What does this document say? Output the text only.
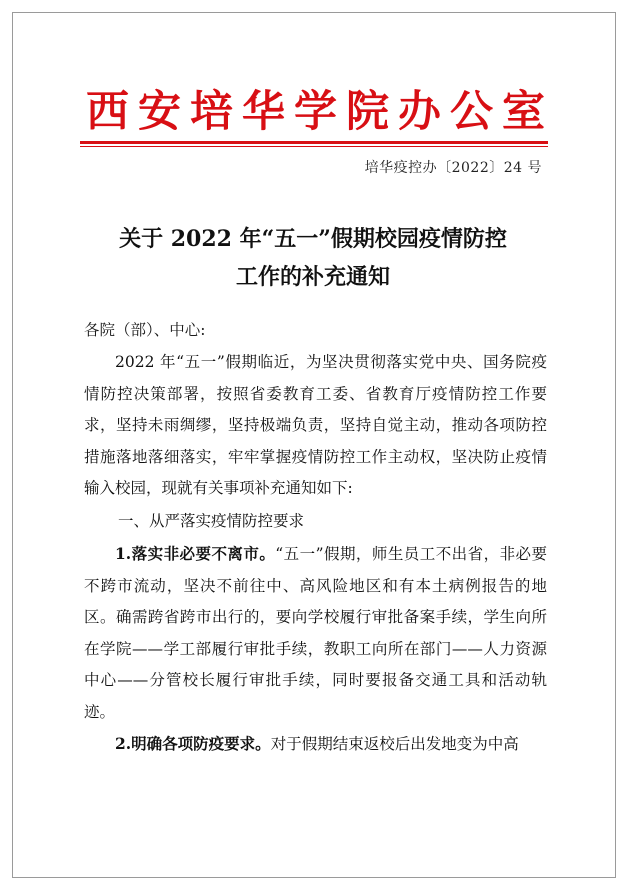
西安培华学院办公室
培华疫控办〔2022〕24 号
关于 2022 年“五一”假期校园疫情防控
工作的补充通知
各院（部）、中心:
2022 年“五一”假期临近，为坚决贯彻落实党中央、国务院疫情防控决策部署，按照省委教育工委、省教育厅疫情防控工作要求，坚持未雨绸缪，坚持极端负责，坚持自觉主动，推动各项防控措施落地落细落实，牢牢掌握疫情防控工作主动权，坚决防止疫情输入校园，现就有关事项补充通知如下:
一、从严落实疫情防控要求
1.落实非必要不离市。“五一”假期，师生员工不出省，非必要不跨市流动，坚决不前往中、高风险地区和有本土病例报告的地区。确需跨省跨市出行的，要向学校履行审批备案手续，学生向所在学院——学工部履行审批手续，教职工向所在部门——人力资源中心——分管校长履行审批手续，同时要报备交通工具和活动轨迹。
2.明确各项防疫要求。对于假期结束返校后出发地变为中高
